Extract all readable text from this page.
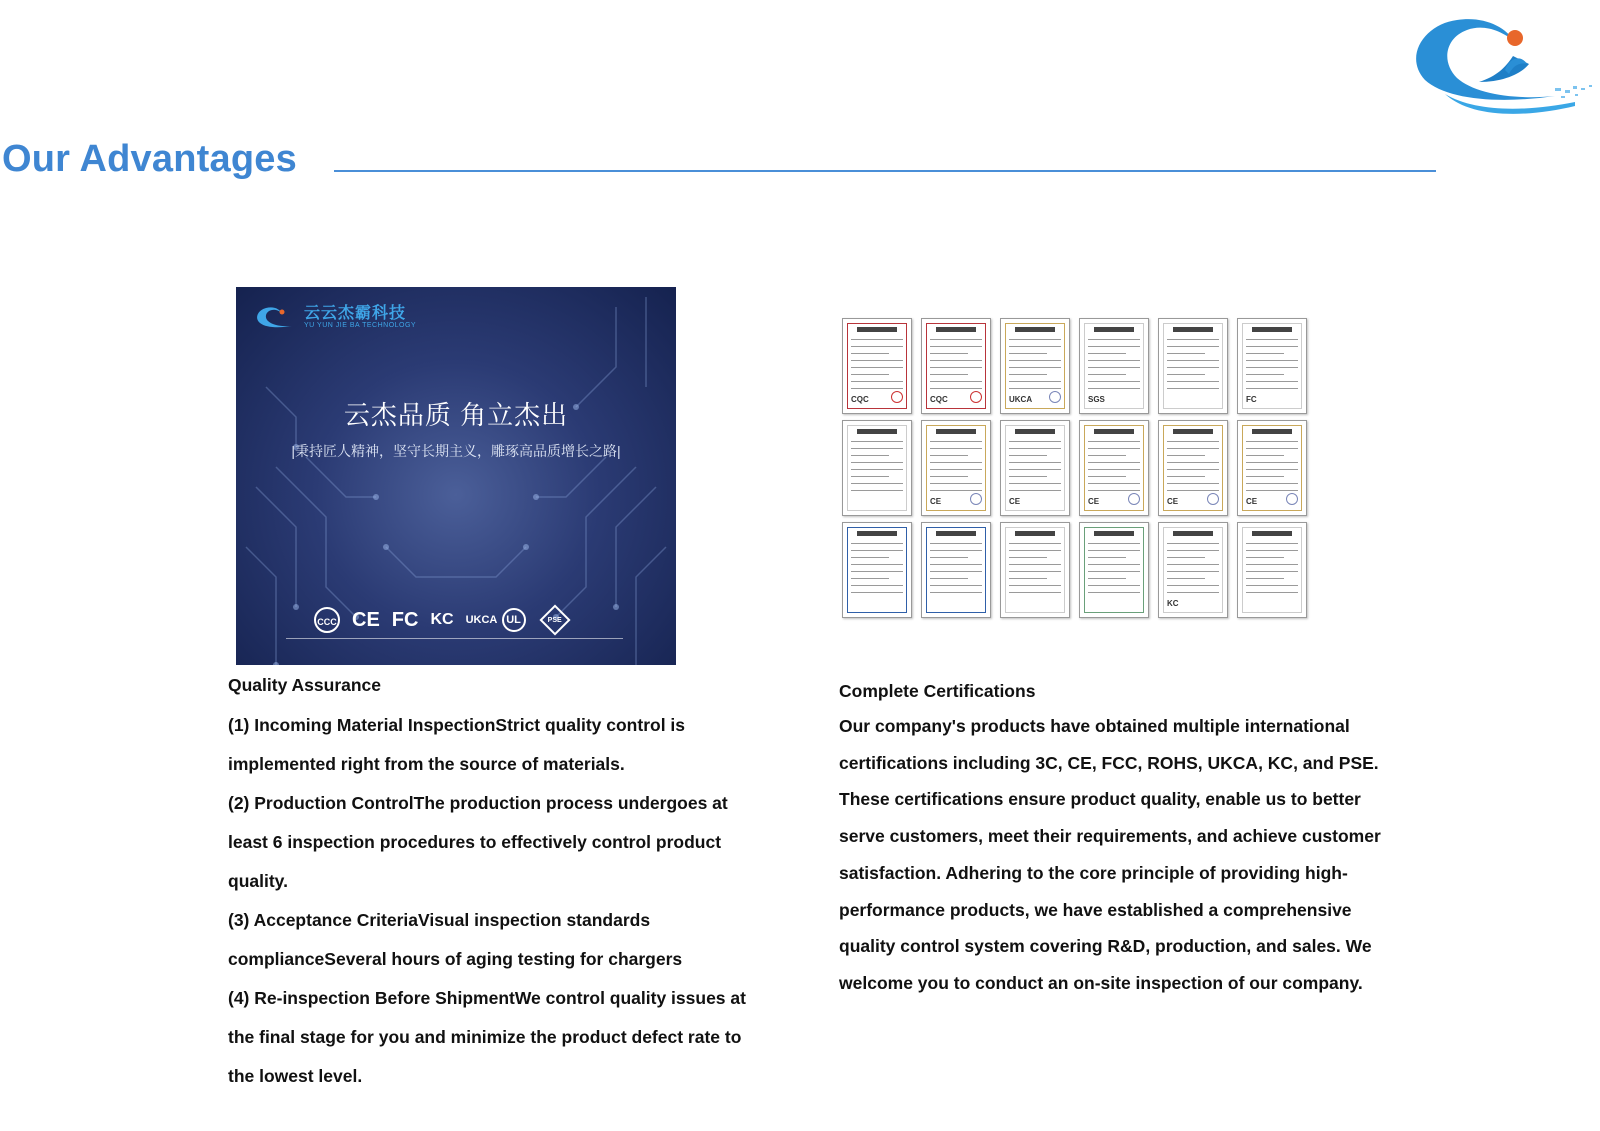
Our Advantages
云云杰霸科技
YU YUN JIE BA TECHNOLOGY
云杰品质 角立杰出
|秉持匠人精神，坚守长期主义，雕琢高品质增长之路|
CCC CE FC KC UKCA UL	PSE
Quality Assurance
(1) Incoming Material InspectionStrict quality control is implemented right from the source of materials.
(2) Production ControlThe production process undergoes at least 6 inspection procedures to effectively control product quality.
(3) Acceptance CriteriaVisual inspection standards complianceSeveral hours of aging testing for chargers
(4) Re-inspection Before ShipmentWe control quality issues at the final stage for you and minimize the product defect rate to the lowest level.
CQC	CQC	UKCA	SGS	FC
CE	CE	CE	CE	CE
KC
Complete Certifications
Our company's products have obtained multiple international certifications including 3C, CE, FCC, ROHS, UKCA, KC, and PSE. These certifications ensure product quality, enable us to better serve customers, meet their requirements, and achieve customer satisfaction. Adhering to the core principle of providing high-performance products, we have established a comprehensive quality control system covering R&D, production, and sales. We welcome you to conduct an on-site inspection of our company.
